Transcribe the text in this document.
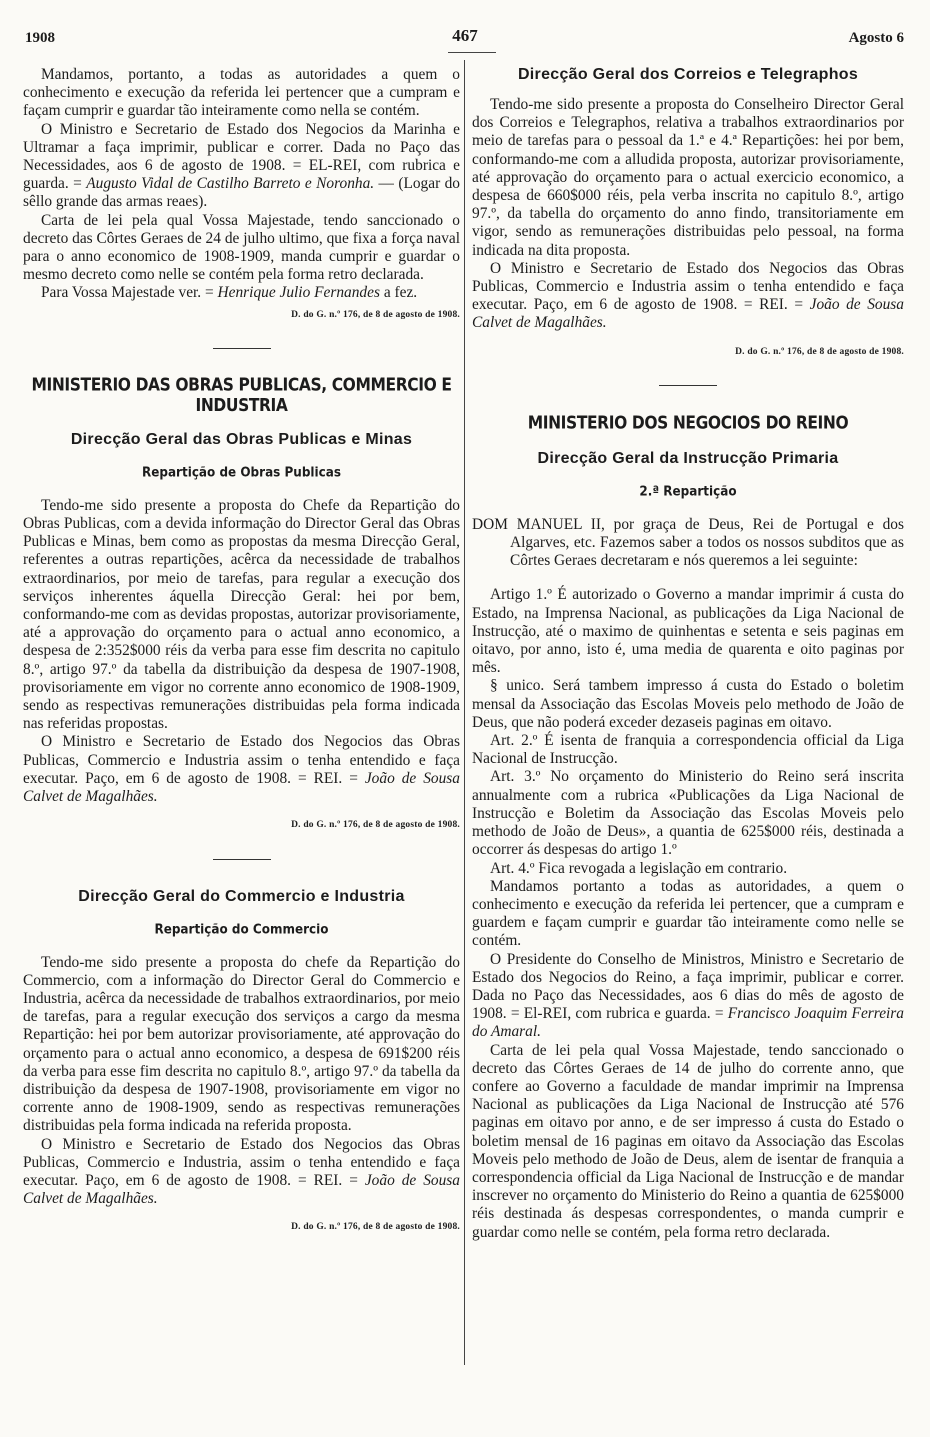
1908	467	Agosto 6

Mandamos, portanto, a todas as autoridades a quem o conhecimento e execução da referida lei pertencer que a cumpram e façam cumprir e guardar tão inteiramente como nella se contém.

O Ministro e Secretario de Estado dos Negocios da Marinha e Ultramar a faça imprimir, publicar e correr. Dada no Paço das Necessidades, aos 6 de agosto de 1908. = EL-REI, com rubrica e guarda. = Augusto Vidal de Castilho Barreto e Noronha. — (Logar do sêllo grande das armas reaes).

Carta de lei pela qual Vossa Majestade, tendo sanccionado o decreto das Côrtes Geraes de 24 de julho ultimo, que fixa a força naval para o anno economico de 1908-1909, manda cumprir e guardar o mesmo decreto como nelle se contém pela forma retro declarada.

Para Vossa Majestade ver. = Henrique Julio Fernandes a fez.

D. do G. n.º 176, de 8 de agosto de 1908.

MINISTERIO DAS OBRAS PUBLICAS, COMMERCIO E INDUSTRIA
Direcção Geral das Obras Publicas e Minas
Repartição de Obras Publicas

Tendo-me sido presente a proposta do Chefe da Repartição do Obras Publicas, com a devida informação do Director Geral das Obras Publicas e Minas, bem como as propostas da mesma Direcção Geral, referentes a outras repartições, acêrca da necessidade de trabalhos extraordinarios, por meio de tarefas, para regular a execução dos serviços inherentes áquella Direcção Geral: hei por bem, conformando-me com as devidas propostas, autorizar provisoriamente, até a approvação do orçamento para o actual anno economico, a despesa de 2:352$000 réis da verba para esse fim descrita no capitulo 8.º, artigo 97.º da tabella da distribuição da despesa de 1907-1908, provisoriamente em vigor no corrente anno economico de 1908-1909, sendo as respectivas remunerações distribuidas pela forma indicada nas referidas propostas.

O Ministro e Secretario de Estado dos Negocios das Obras Publicas, Commercio e Industria assim o tenha entendido e faça executar. Paço, em 6 de agosto de 1908. = REI. = João de Sousa Calvet de Magalhães.

D. do G. n.º 176, de 8 de agosto de 1908.

Direcção Geral do Commercio e Industria
Repartição do Commercio

Tendo-me sido presente a proposta do chefe da Repartição do Commercio, com a informação do Director Geral do Commercio e Industria, acêrca da necessidade de trabalhos extraordinarios, por meio de tarefas, para a regular execução dos serviços a cargo da mesma Repartição: hei por bem autorizar provisoriamente, até approvação do orçamento para o actual anno economico, a despesa de 691$200 réis da verba para esse fim descrita no capitulo 8.º, artigo 97.º da tabella da distribuição da despesa de 1907-1908, provisoriamente em vigor no corrente anno de 1908-1909, sendo as respectivas remunerações distribuidas pela forma indicada na referida proposta.

O Ministro e Secretario de Estado dos Negocios das Obras Publicas, Commercio e Industria, assim o tenha entendido e faça executar. Paço, em 6 de agosto de 1908. = REI. = João de Sousa Calvet de Magalhães.

D. do G. n.º 176, de 8 de agosto de 1908.

Direcção Geral dos Correios e Telegraphos

Tendo-me sido presente a proposta do Conselheiro Director Geral dos Correios e Telegraphos, relativa a trabalhos extraordinarios por meio de tarefas para o pessoal da 1.ª e 4.ª Repartições: hei por bem, conformando-me com a alludida proposta, autorizar provisoriamente, até approvação do orçamento para o actual exercicio economico, a despesa de 660$000 réis, pela verba inscrita no capitulo 8.º, artigo 97.º, da tabella do orçamento do anno findo, transitoriamente em vigor, sendo as remunerações distribuidas pelo pessoal, na forma indicada na dita proposta.

O Ministro e Secretario de Estado dos Negocios das Obras Publicas, Commercio e Industria assim o tenha entendido e faça executar. Paço, em 6 de agosto de 1908. = REI. = João de Sousa Calvet de Magalhães.

D. do G. n.º 176, de 8 de agosto de 1908.

MINISTERIO DOS NEGOCIOS DO REINO
Direcção Geral da Instrucção Primaria
2.ª Repartição

DOM MANUEL II, por graça de Deus, Rei de Portugal e dos Algarves, etc. Fazemos saber a todos os nossos subditos que as Côrtes Geraes decretaram e nós queremos a lei seguinte:

Artigo 1.º É autorizado o Governo a mandar imprimir á custa do Estado, na Imprensa Nacional, as publicações da Liga Nacional de Instrucção, até o maximo de quinhentas e setenta e seis paginas em oitavo, por anno, isto é, uma media de quarenta e oito paginas por mês.

§ unico. Será tambem impresso á custa do Estado o boletim mensal da Associação das Escolas Moveis pelo methodo de João de Deus, que não poderá exceder dezaseis paginas em oitavo.

Art. 2.º É isenta de franquia a correspondencia official da Liga Nacional de Instrucção.

Art. 3.º No orçamento do Ministerio do Reino será inscrita annualmente com a rubrica «Publicações da Liga Nacional de Instrucção e Boletim da Associação das Escolas Moveis pelo methodo de João de Deus», a quantia de 625$000 réis, destinada a occorrer ás despesas do artigo 1.º

Art. 4.º Fica revogada a legislação em contrario.

Mandamos portanto a todas as autoridades, a quem o conhecimento e execução da referida lei pertencer, que a cumpram e guardem e façam cumprir e guardar tão inteiramente como nelle se contém.

O Presidente do Conselho de Ministros, Ministro e Secretario de Estado dos Negocios do Reino, a faça imprimir, publicar e correr. Dada no Paço das Necessidades, aos 6 dias do mês de agosto de 1908. = El-REI, com rubrica e guarda. = Francisco Joaquim Ferreira do Amaral.

Carta de lei pela qual Vossa Majestade, tendo sanccionado o decreto das Côrtes Geraes de 14 de julho do corrente anno, que confere ao Governo a faculdade de mandar imprimir na Imprensa Nacional as publicações da Liga Nacional de Instrucção até 576 paginas em oitavo por anno, e de ser impresso á custa do Estado o boletim mensal de 16 paginas em oitavo da Associação das Escolas Moveis pelo methodo de João de Deus, alem de isentar de franquia a correspondencia official da Liga Nacional de Instrucção e de mandar inscrever no orçamento do Ministerio do Reino a quantia de 625$000 réis destinada ás despesas correspondentes, o manda cumprir e guardar como nelle se contém, pela forma retro declarada.
